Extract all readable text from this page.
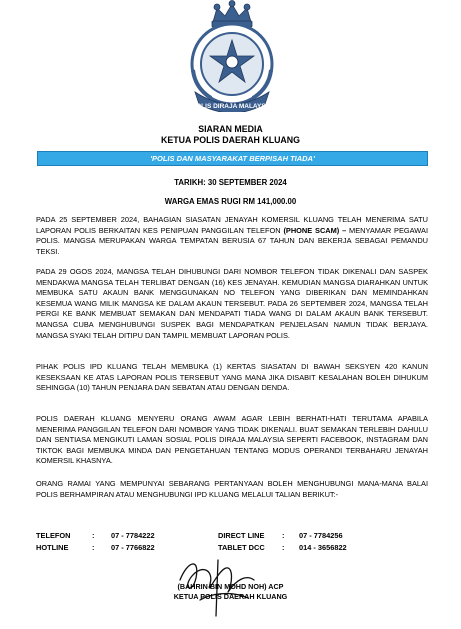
POLIS DIRAJA MALAYSIA
SIARAN MEDIA
KETUA POLIS DAERAH KLUANG
'POLIS DAN MASYARAKAT BERPISAH TIADA'
TARIKH: 30 SEPTEMBER 2024
WARGA EMAS RUGI RM 141,000.00

PADA 25 SEPTEMBER 2024, BAHAGIAN SIASATAN JENAYAH KOMERSIL KLUANG TELAH MENERIMA SATU LAPORAN POLIS BERKAITAN KES PENIPUAN PANGGILAN TELEFON (PHONE SCAM) – MENYAMAR PEGAWAI POLIS. MANGSA MERUPAKAN WARGA TEMPATAN BERUSIA 67 TAHUN DAN BEKERJA SEBAGAI PEMANDU TEKSI.

PADA 29 OGOS 2024, MANGSA TELAH DIHUBUNGI DARI NOMBOR TELEFON TIDAK DIKENALI DAN SASPEK MENDAKWA MANGSA TELAH TERLIBAT DENGAN (16) KES JENAYAH. KEMUDIAN MANGSA DIARAHKAN UNTUK MEMBUKA SATU AKAUN BANK MENGGUNAKAN NO TELEFON YANG DIBERIKAN DAN MEMINDAHKAN KESEMUA WANG MILIK MANGSA KE DALAM AKAUN TERSEBUT. PADA 26 SEPTEMBER 2024, MANGSA TELAH PERGI KE BANK MEMBUAT SEMAKAN DAN MENDAPATI TIADA WANG DI DALAM AKAUN BANK TERSEBUT. MANGSA CUBA MENGHUBUNGI SUSPEK BAGI MENDAPATKAN PENJELASAN NAMUN TIDAK BERJAYA. MANGSA SYAKI TELAH DITIPU DAN TAMPIL MEMBUAT LAPORAN POLIS.

PIHAK POLIS IPD KLUANG TELAH MEMBUKA (1) KERTAS SIASATAN DI BAWAH SEKSYEN 420 KANUN KESEKSAAN KE ATAS LAPORAN POLIS TERSEBUT YANG MANA JIKA DISABIT KESALAHAN BOLEH DIHUKUM SEHINGGA (10) TAHUN PENJARA DAN SEBATAN ATAU DENGAN DENDA.

POLIS DAERAH KLUANG MENYERU ORANG AWAM AGAR LEBIH BERHATI-HATI TERUTAMA APABILA MENERIMA PANGGILAN TELEFON DARI NOMBOR YANG TIDAK DIKENALI. BUAT SEMAKAN TERLEBIH DAHULU DAN SENTIASA MENGIKUTI LAMAN SOSIAL POLIS DIRAJA MALAYSIA SEPERTI FACEBOOK, INSTAGRAM DAN TIKTOK BAGI MEMBUKA MINDA DAN PENGETAHUAN TENTANG MODUS OPERANDI TERBAHARU JENAYAH KOMERSIL KHASNYA.

ORANG RAMAI YANG MEMPUNYAI SEBARANG PERTANYAAN BOLEH MENGHUBUNGI MANA-MANA BALAI POLIS BERHAMPIRAN ATAU MENGHUBUNGI IPD KLUANG MELALUI TALIAN BERIKUT:-

TELEFON	: 07 - 7784222	DIRECT LINE : 07 - 7784256
HOTLINE	: 07 - 7766822	TABLET DCC : 014 - 3656822
(BAHRIN BIN MOHD NOH) ACP
KETUA POLIS DAERAH KLUANG
